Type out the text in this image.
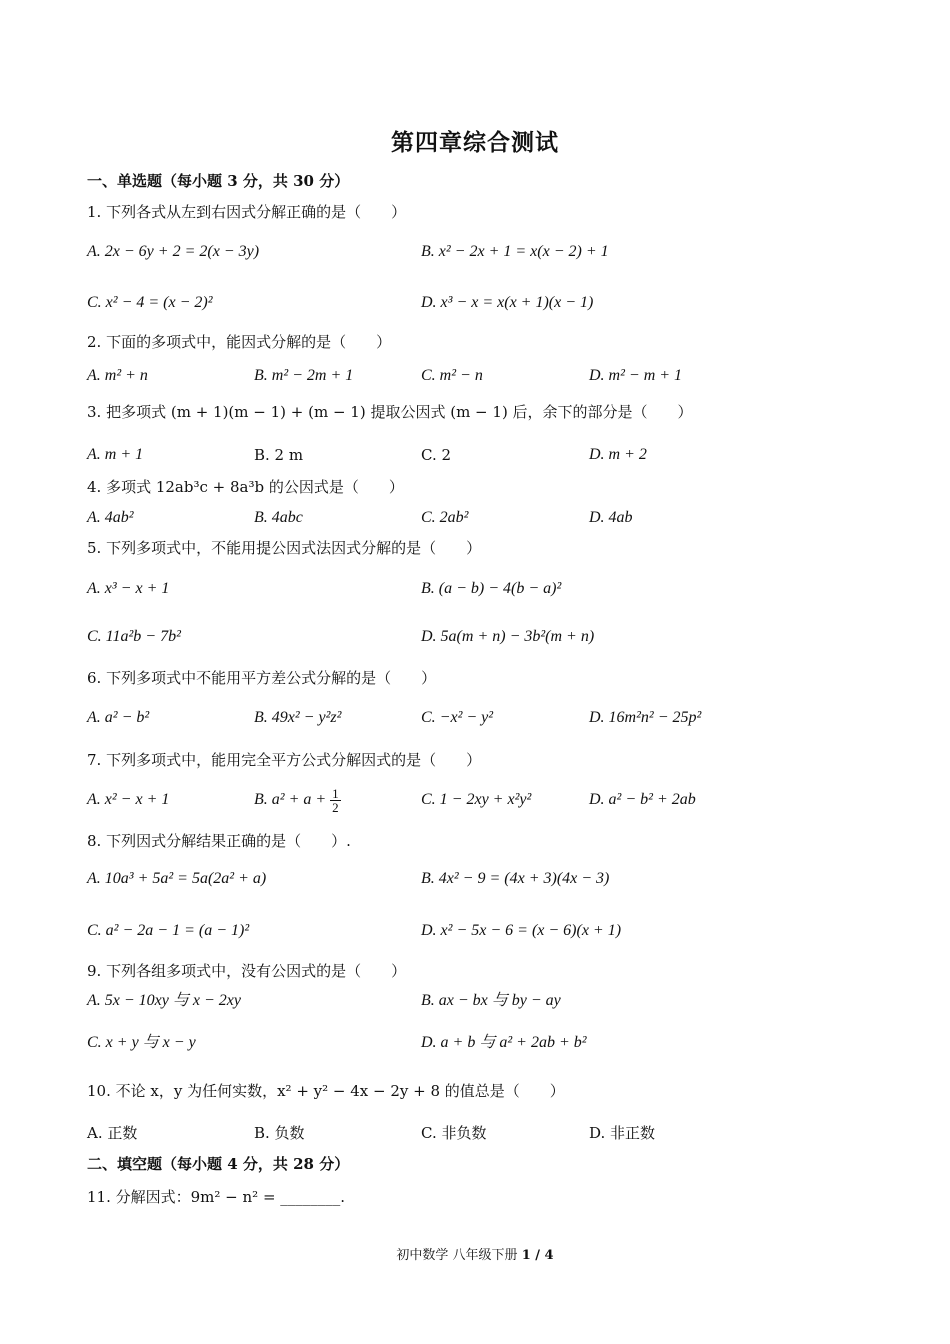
第四章综合测试
一、单选题（每小题 3 分，共 30 分）
1. 下列各式从左到右因式分解正确的是（　　）
A. 2x − 6y + 2 = 2(x − 3y)	B. x² − 2x + 1 = x(x − 2) + 1
C. x² − 4 = (x − 2)²	D. x³ − x = x(x + 1)(x − 1)
2. 下面的多项式中，能因式分解的是（　　）
A. m² + n	B. m² − 2m + 1	C. m² − n	D. m² − m + 1
3. 把多项式 (m + 1)(m − 1) + (m − 1) 提取公因式 (m − 1) 后，余下的部分是（　　）
A. m + 1	B. 2 m	C. 2	D. m + 2
4. 多项式 12ab³c + 8a³b 的公因式是（　　）
A. 4ab²	B. 4abc	C. 2ab²	D. 4ab
5. 下列多项式中，不能用提公因式法因式分解的是（　　）
A. x³ − x + 1	B. (a − b) − 4(b − a)²
C. 11a²b − 7b²	D. 5a(m + n) − 3b²(m + n)
6. 下列多项式中不能用平方差公式分解的是（　　）
A. a² − b²	B. 49x² − y²z²	C. −x² − y²	D. 16m²n² − 25p²
7. 下列多项式中，能用完全平方公式分解因式的是（　　）
A. x² − x + 1	B. $a^2 + a + \frac{1}{2}$	C. 1 − 2xy + x²y²	D. a² − b² + 2ab
8. 下列因式分解结果正确的是（　　）.
A. 10a³ + 5a² = 5a(2a² + a)	B. 4x² − 9 = (4x + 3)(4x − 3)
C. a² − 2a − 1 = (a − 1)²	D. x² − 5x − 6 = (x − 6)(x + 1)
9. 下列各组多项式中，没有公因式的是（　　）
A. 5x − 10xy 与 x − 2xy	B. ax − bx 与 by − ay
C. x + y 与 x − y	D. a + b 与 a² + 2ab + b²
10. 不论 x，y 为任何实数，x² + y² − 4x − 2y + 8 的值总是（　　）
A. 正数	B. 负数	C. 非负数	D. 非正数
二、填空题（每小题 4 分，共 28 分）
11. 分解因式：9m² − n² = ________.
初中数学 八年级下册 1 / 4
